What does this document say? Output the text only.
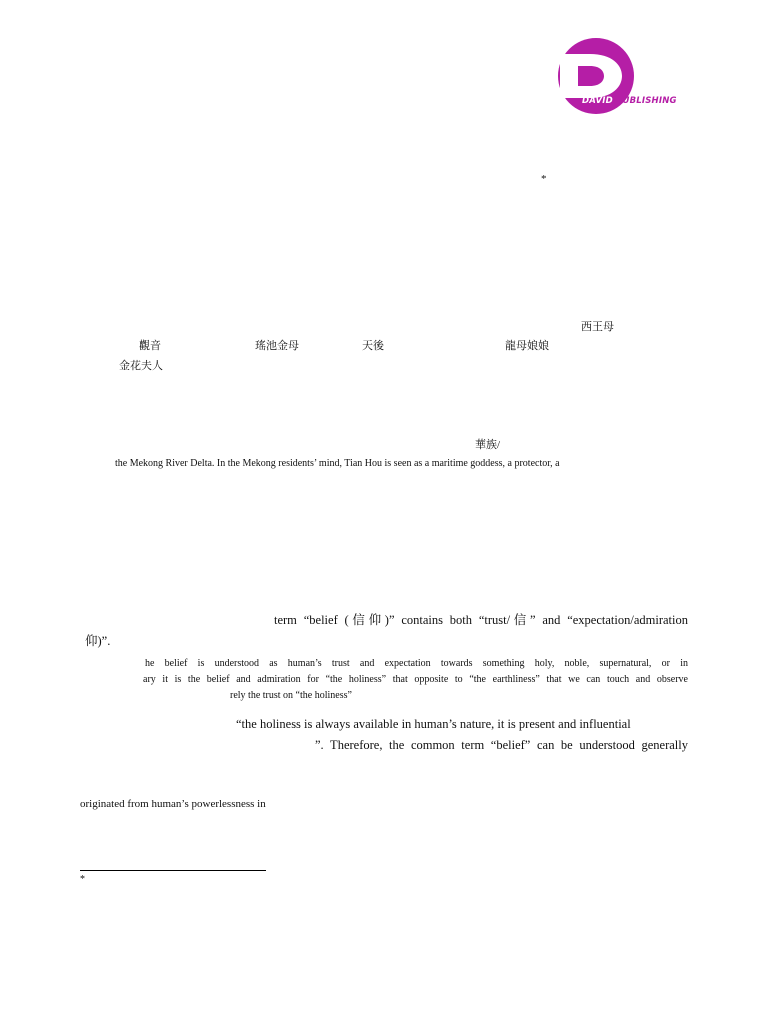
DAVID PUBLISHING
*
西王母
觀音	瑤池金母	天後	龍母娘娘
金花夫人
華族/
the Mekong River Delta. In the Mekong residents’ mind, Tian Hou is seen as a maritime goddess, a protector, a
term “belief (信仰)” contains both “trust/信” and “expectation/admiration
仰)”.
he belief is understood as human’s trust and expectation towards something holy, noble, supernatural, or in
ary it is the belief and admiration for “the holiness” that opposite to “the earthliness” that we can touch and observe
rely the trust on “the holiness”
“the holiness is always available in human’s nature, it is present and influential
”. Therefore, the common term “belief” can be understood generally
originated from human’s powerlessness in
*
